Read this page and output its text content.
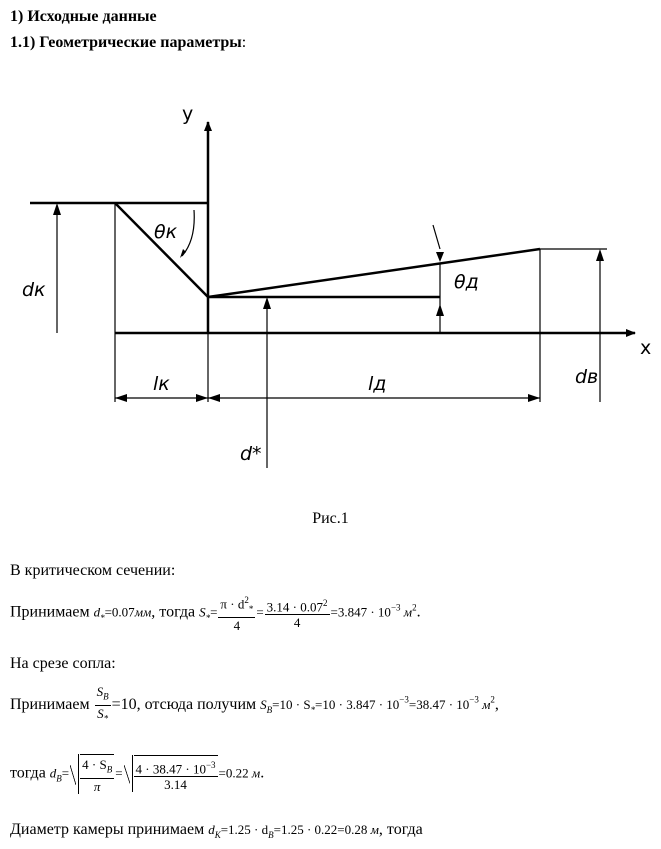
1) Исходные данные
1.1) Геометрические параметры:
dк
θк
θд
dв
d*
lк	lд
y
x
Рис.1
В критическом сечении:
Принимаем $d_*=0.07мм$, тогда $S_*= \frac{\pi \cdot d^2_*}{4} = \frac{3.14 \cdot 0.07^2}{4} =3.847 \cdot 10^{-3}$ $м^2$.
На срезе сопла:
Принимаем $\frac{S_В}{S_*} =10$, отсюда получим $S_В=10 \cdot S_*=10 \cdot 3.847 \cdot 10^{-3}=38.47 \cdot 10^{-3}$ $м^2$,
тогда $d_В= \frac{4 \cdot S_В}{\pi} = \frac{4 \cdot 38.47 \cdot 10^{-3}}{3.14} =0.22$ м.
Диаметр камеры принимаем $d_К=1.25 \cdot d_В=1.25 \cdot 0.22=0.28$ м, тогда
